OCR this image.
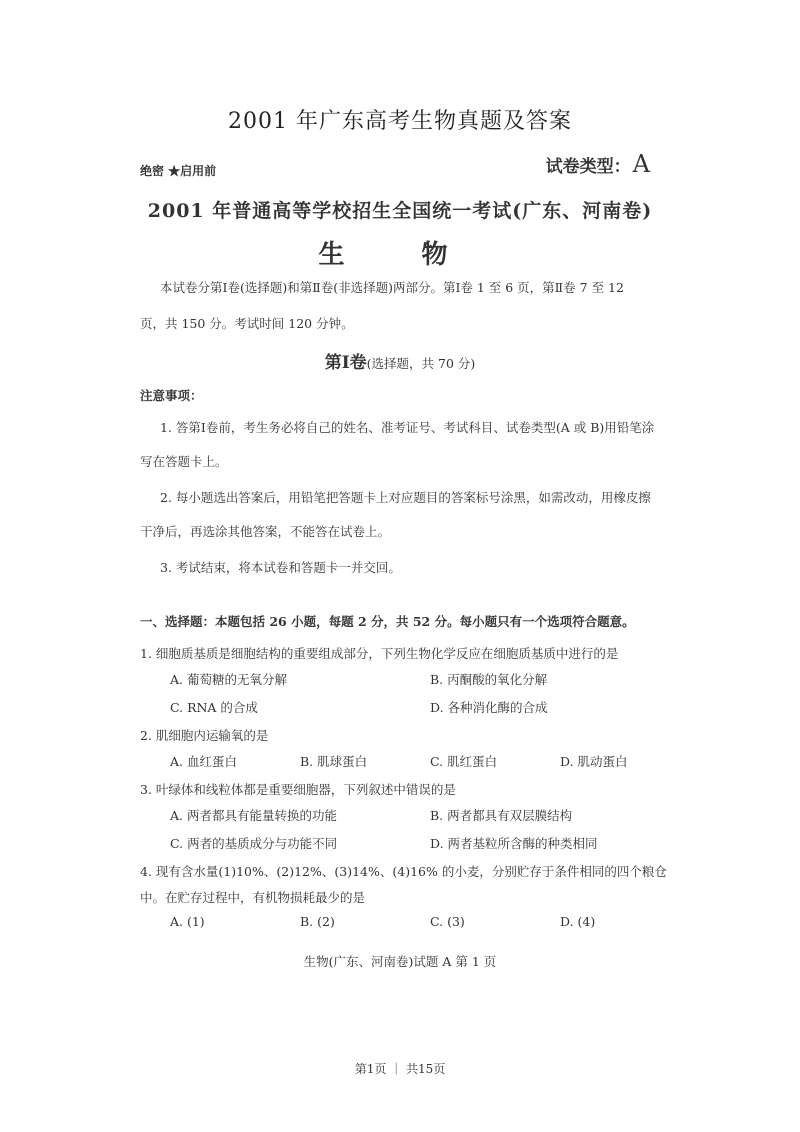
2001 年广东高考生物真题及答案
绝密 ★启用前	试卷类型：A
2001 年普通高等学校招生全国统一考试(广东、河南卷)
生 物
本试卷分第Ⅰ卷(选择题)和第Ⅱ卷(非选择题)两部分。第Ⅰ卷 1 至 6 页，第Ⅱ卷 7 至 12
页，共 150 分。考试时间 120 分钟。
第Ⅰ卷(选择题，共 70 分)
注意事项：
1. 答第Ⅰ卷前，考生务必将自己的姓名、准考证号、考试科目、试卷类型(A 或 B)用铅笔涂
写在答题卡上。
2. 每小题选出答案后，用铅笔把答题卡上对应题目的答案标号涂黑，如需改动，用橡皮擦
干净后，再选涂其他答案，不能答在试卷上。
3. 考试结束，将本试卷和答题卡一并交回。
一、选择题：本题包括 26 小题，每题 2 分，共 52 分。每小题只有一个选项符合题意。
1. 细胞质基质是细胞结构的重要组成部分，下列生物化学反应在细胞质基质中进行的是
A. 葡萄糖的无氧分解	B. 丙酮酸的氧化分解
C. RNA 的合成	D. 各种消化酶的合成
2. 肌细胞内运输氧的是
A. 血红蛋白	B. 肌球蛋白	C. 肌红蛋白	D. 肌动蛋白
3. 叶绿体和线粒体都是重要细胞器，下列叙述中错误的是
A. 两者都具有能量转换的功能	B. 两者都具有双层膜结构
C. 两者的基质成分与功能不同	D. 两者基粒所含酶的种类相同
4. 现有含水量(1)10%、(2)12%、(3)14%、(4)16% 的小麦，分别贮存于条件相同的四个粮仓
中。在贮存过程中，有机物损耗最少的是
A. (1)	B. (2)	C. (3)	D. (4)
生物(广东、河南卷)试题 A 第 1 页
第1页 ｜ 共15页
